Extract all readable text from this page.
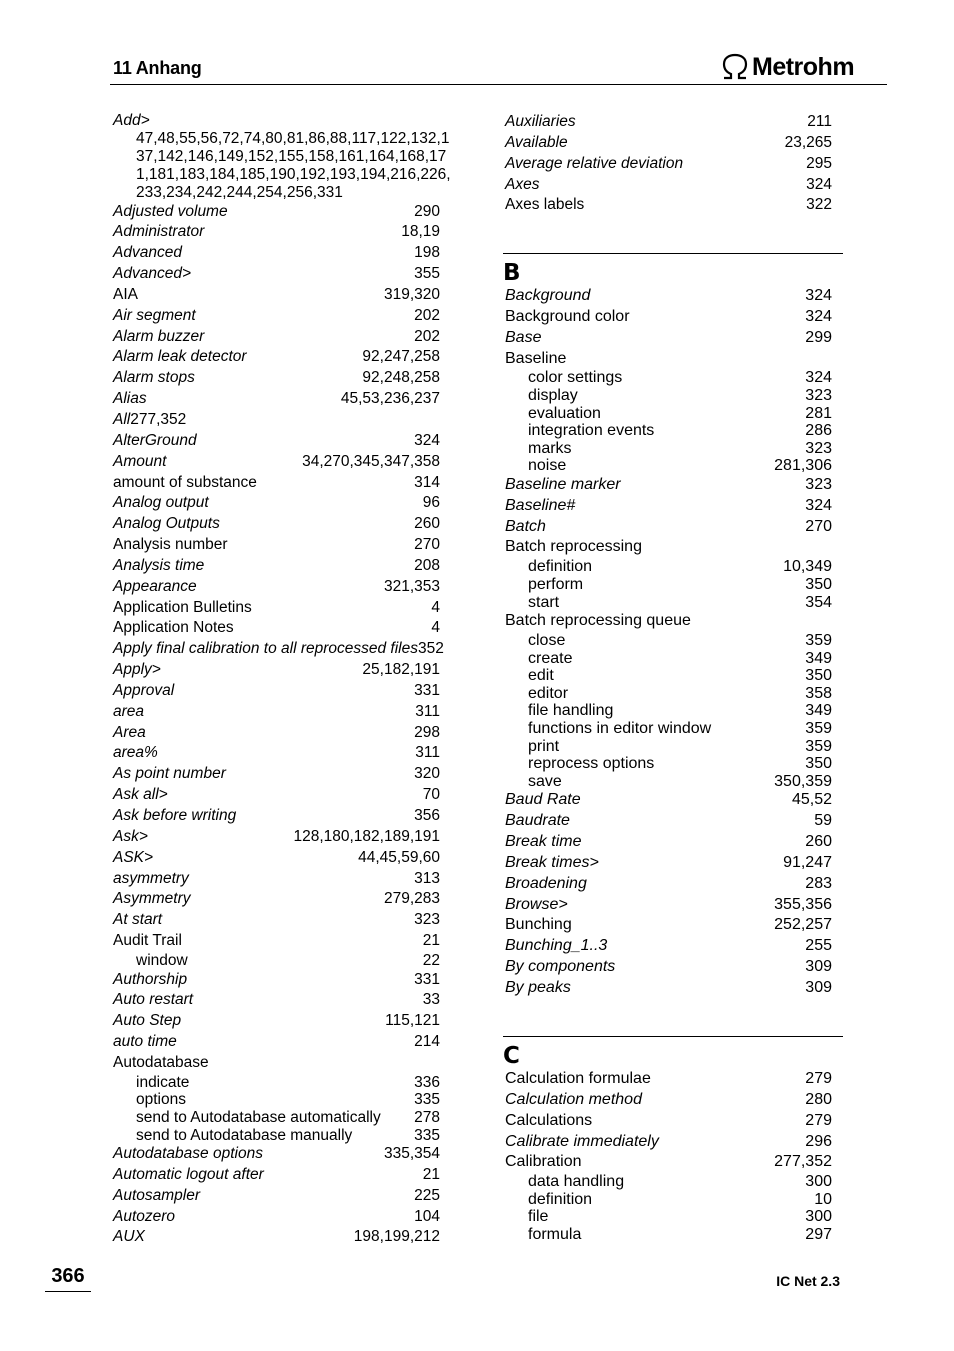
11 Anhang	Metrohm
Add>
47,48,55,56,72,74,80,81,86,88,117,122,132,137,142,146,149,152,155,158,161,164,168,171,181,183,184,185,190,192,193,194,216,226,233,234,242,244,254,256,331
Adjusted volume	290
Administrator	18,19
Advanced	198
Advanced>	355
AIA	319,320
Air segment	202
Alarm buzzer	202
Alarm leak detector	92,247,258
Alarm stops	92,248,258
Alias	45,53,236,237
All 277,352
AlterGround	324
Amount	34,270,345,347,358
amount of substance	314
Analog output	96
Analog Outputs	260
Analysis number	270
Analysis time	208
Appearance	321,353
Application Bulletins	4
Application Notes	4
Apply final calibration to all reprocessed files 352
Apply>	25,182,191
Approval	331
area	311
Area	298
area%	311
As point number	320
Ask all>	70
Ask before writing	356
Ask>	128,180,182,189,191
ASK>	44,45,59,60
asymmetry	313
Asymmetry	279,283
At start	323
Audit Trail	21
window	22
Authorship	331
Auto restart	33
Auto Step	115,121
auto time	214
Autodatabase
indicate	336
options	335
send to Autodatabase automatically 278
send to Autodatabase manually	335
Autodatabase options	335,354
Automatic logout after	21
Autosampler	225
Autozero	104
AUX	198,199,212
Auxiliaries	211
Available	23,265
Average relative deviation	295
Axes	324
Axes labels	322
B
Background	324
Background color	324
Base	299
Baseline
color settings	324
display	323
evaluation	281
integration events	286
marks	323
noise	281,306
Baseline marker	323
Baseline#	324
Batch	270
Batch reprocessing
definition	10,349
perform	350
start	354
Batch reprocessing queue
close	359
create	349
edit	350
editor	358
file handling	349
functions in editor window	359
print	359
reprocess options	350
save	350,359
Baud Rate	45,52
Baudrate	59
Break time	260
Break times>	91,247
Broadening	283
Browse>	355,356
Bunching	252,257
Bunching_1..3	255
By components	309
By peaks	309
C
Calculation formulae	279
Calculation method	280
Calculations	279
Calibrate immediately	296
Calibration	277,352
data handling	300
definition	10
file	300
formula	297
366	IC Net 2.3
